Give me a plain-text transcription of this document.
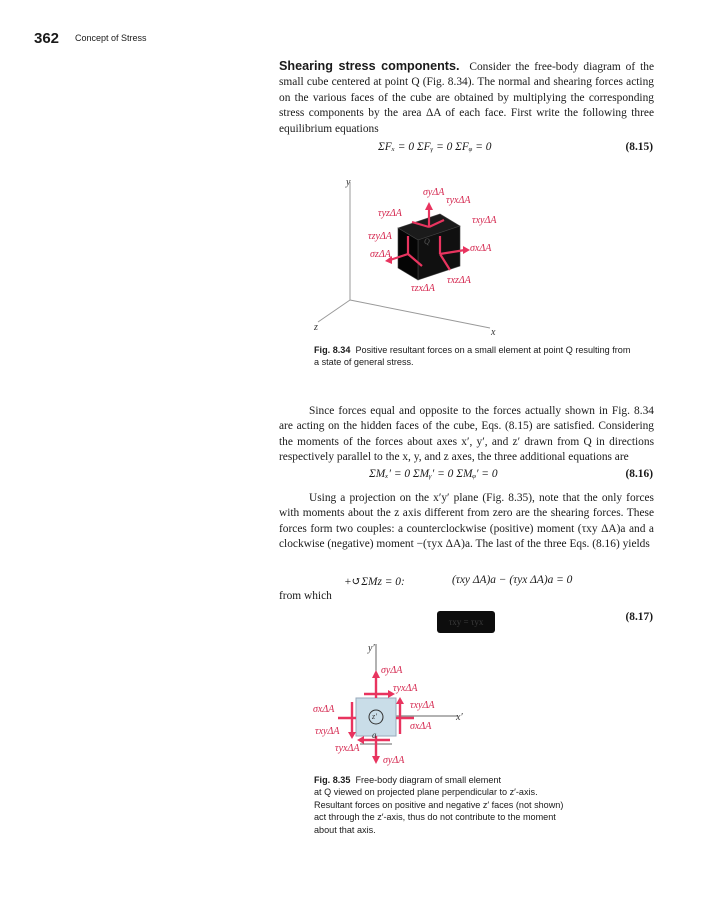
362 Concept of Stress

Shearing stress components. Consider the free-body diagram of the small cube centered at point Q (Fig. 8.34). The normal and shearing forces acting on the various faces of the cube are obtained by multiplying the corresponding stress components by the area ΔA of each face. First write the following three equilibrium equations

ΣFₓ = 0 ΣFᵧ = 0 ΣFᵩ = 0	(8.15)
σyΔA
τyxΔA
τyzΔA
τxyΔA
τzyΔA
σxΔA
σzΔA
τxzΔA
τzxΔA
Q
y
x
z
Fig. 8.34 Positive resultant forces on a small element at point Q resulting from a state of general stress.

Since forces equal and opposite to the forces actually shown in Fig. 8.34 are acting on the hidden faces of the cube, Eqs. (8.15) are satisfied. Considering the moments of the forces about axes x′, y′, and z′ drawn from Q in directions respectively parallel to the x, y, and z axes, the three additional equations are

ΣMₓ′ = 0 ΣMᵧ′ = 0 ΣMᵩ′ = 0	(8.16)

Using a projection on the x′y′ plane (Fig. 8.35), note that the only forces with moments about the z axis different from zero are the shearing forces. These forces form two couples: a counterclockwise (positive) moment (τxy ΔA)a and a clockwise (negative) moment −(τyx ΔA)a. The last of the three Eqs. (8.16) yields

+↺ΣMz = 0:	(τxy ΔA)a − (τyx ΔA)a = 0
from which
τxy = τyx	(8.17)
y′
x′
z′
σyΔA
τyxΔA
τxyΔA
σxΔA
σxΔA
τxyΔA
τyxΔA
σyΔA
a
Fig. 8.35 Free-body diagram of small element
at Q viewed on projected plane perpendicular to z′-axis.
Resultant forces on positive and negative z′ faces (not shown)
act through the z′-axis, thus do not contribute to the moment
about that axis.
